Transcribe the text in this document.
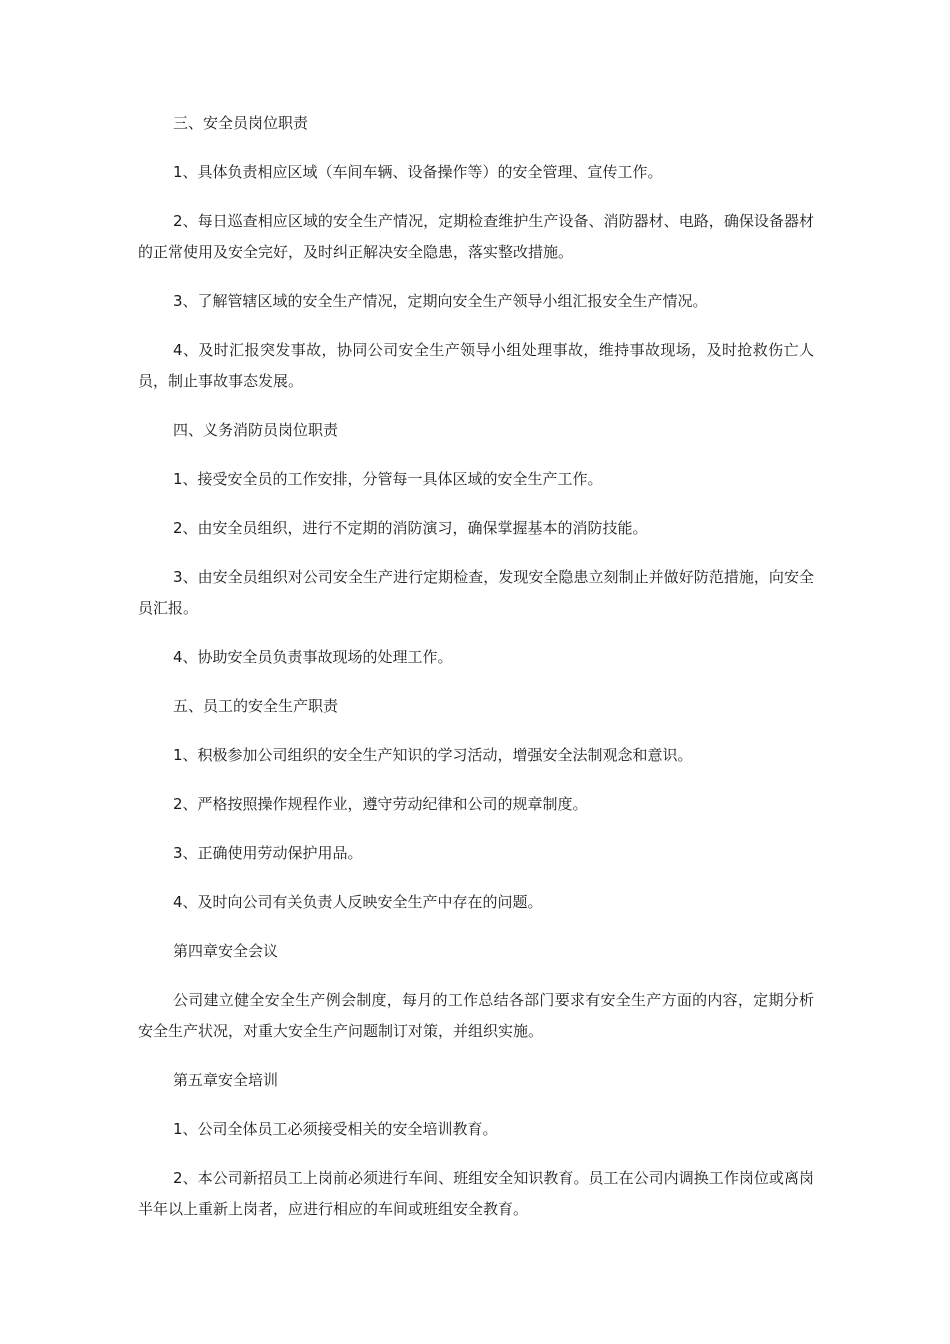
三、安全员岗位职责

1、具体负责相应区域（车间车辆、设备操作等）的安全管理、宣传工作。

2、每日巡查相应区域的安全生产情况，定期检查维护生产设备、消防器材、电路，确保设备器材的正常使用及安全完好，及时纠正解决安全隐患，落实整改措施。

3、了解管辖区域的安全生产情况，定期向安全生产领导小组汇报安全生产情况。

4、及时汇报突发事故，协同公司安全生产领导小组处理事故，维持事故现场，及时抢救伤亡人员，制止事故事态发展。

四、义务消防员岗位职责

1、接受安全员的工作安排，分管每一具体区域的安全生产工作。

2、由安全员组织，进行不定期的消防演习，确保掌握基本的消防技能。

3、由安全员组织对公司安全生产进行定期检查，发现安全隐患立刻制止并做好防范措施，向安全员汇报。

4、协助安全员负责事故现场的处理工作。

五、员工的安全生产职责

1、积极参加公司组织的安全生产知识的学习活动，增强安全法制观念和意识。

2、严格按照操作规程作业，遵守劳动纪律和公司的规章制度。

3、正确使用劳动保护用品。

4、及时向公司有关负责人反映安全生产中存在的问题。

第四章安全会议

公司建立健全安全生产例会制度，每月的工作总结各部门要求有安全生产方面的内容，定期分析安全生产状况，对重大安全生产问题制订对策，并组织实施。

第五章安全培训

1、公司全体员工必须接受相关的安全培训教育。

2、本公司新招员工上岗前必须进行车间、班组安全知识教育。员工在公司内调换工作岗位或离岗半年以上重新上岗者，应进行相应的车间或班组安全教育。
